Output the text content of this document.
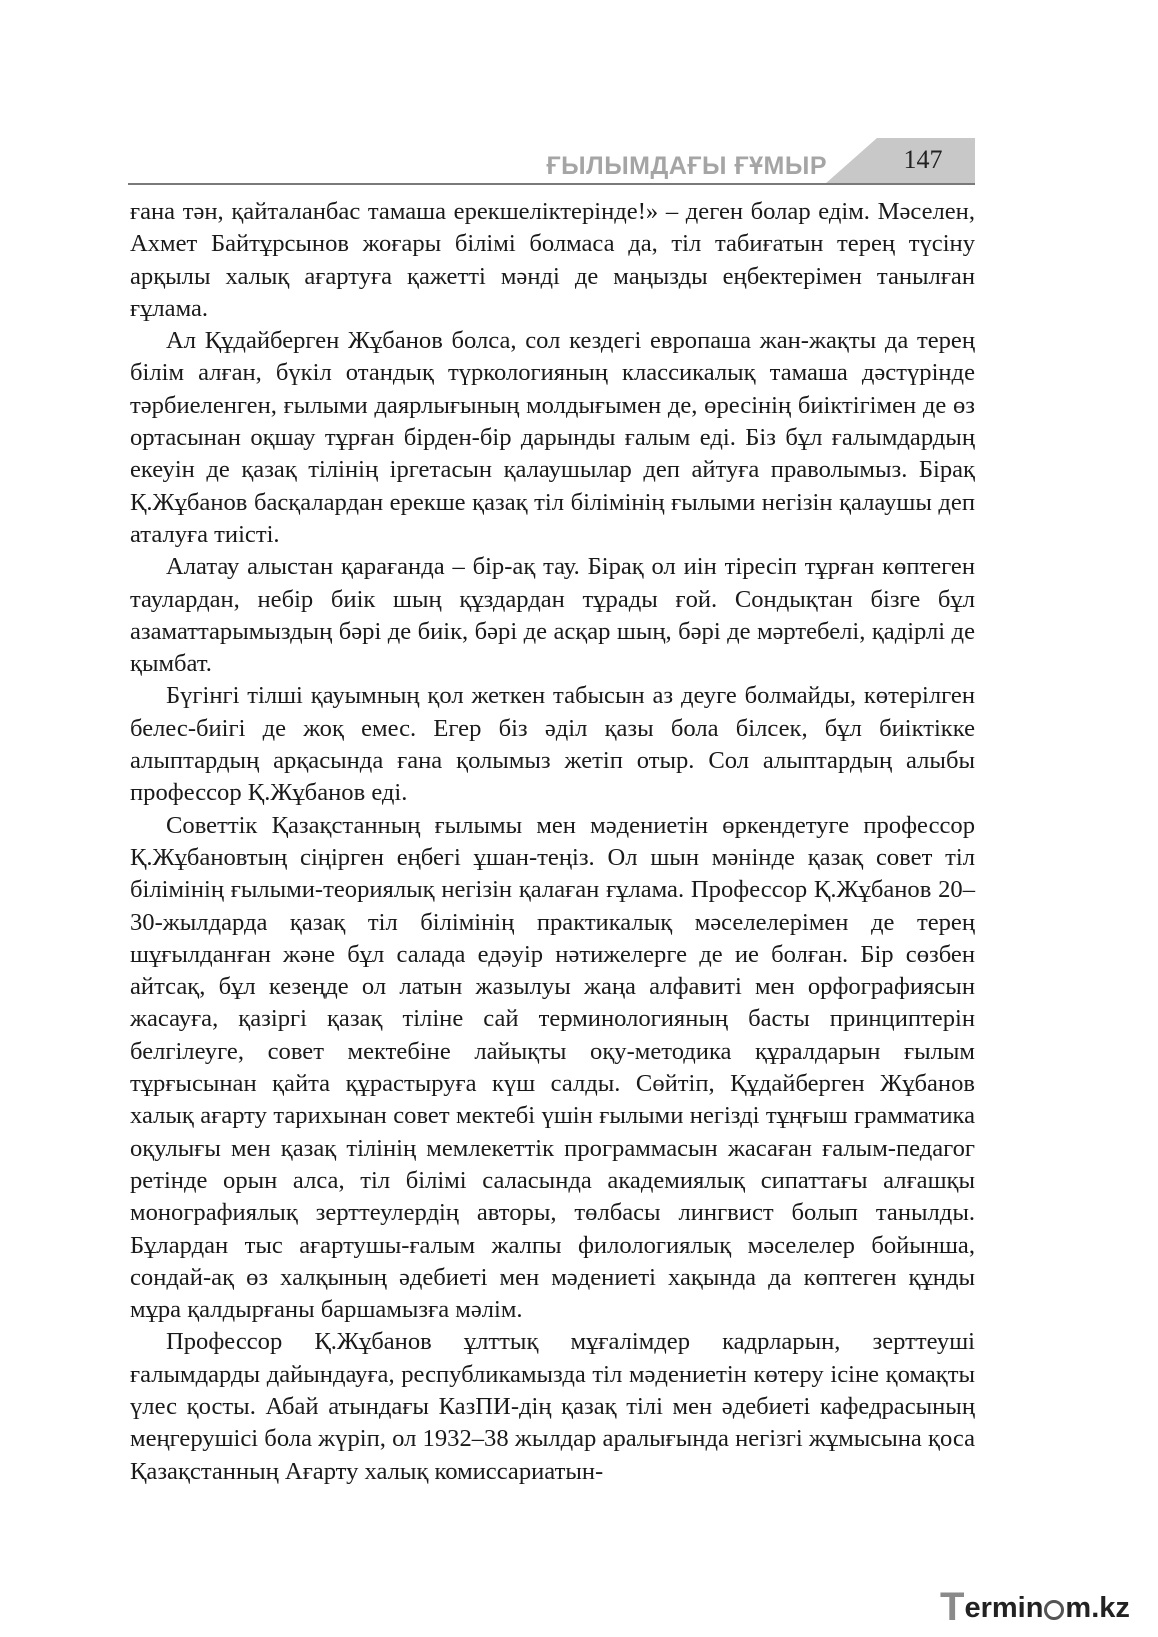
ҒЫЛЫМДАҒЫ ҒҰМЫР	147

ғана тән, қайталанбас тамаша ерекшеліктерінде!» – деген болар едім. Мәселен, Ахмет Байтұрсынов жоғары білімі болмаса да, тіл табиғатын терең түсіну арқылы халық ағартуға қажетті мәнді де маңызды еңбектерімен танылған ғұлама.

Ал Құдайберген Жұбанов болса, сол кездегі европаша жан-жақты да терең білім алған, бүкіл отандық түркологияның классикалық тамаша дәстүрінде тәрбиеленген, ғылыми даярлығының молдығымен де, өресінің биіктігімен де өз ортасынан оқшау тұрған бірден-бір дарынды ғалым еді. Біз бұл ғалымдардың екеуін де қазақ тілінің іргетасын қалаушылар деп айтуға праволымыз. Бірақ Қ.Жұбанов басқалардан ерекше қазақ тіл білімінің ғылыми негізін қалаушы деп аталуға тиісті.

Алатау алыстан қарағанда – бір-ақ тау. Бірақ ол иін тіресіп тұрған көптеген таулардан, небір биік шың құздардан тұрады ғой. Сондықтан бізге бұл азаматтарымыздың бәрі де биік, бәрі де асқар шың, бәрі де мәртебелі, қадірлі де қымбат.

Бүгінгі тілші қауымның қол жеткен табысын аз деуге болмайды, көтерілген белес-биігі де жоқ емес. Егер біз әділ қазы бола білсек, бұл биіктікке алыптардың арқасында ғана қолымыз жетіп отыр. Сол алыптардың алыбы профессор Қ.Жұбанов еді.

Советтік Қазақстанның ғылымы мен мәдениетін өркендетуге профессор Қ.Жұбановтың сіңірген еңбегі ұшан-теңіз. Ол шын мәнінде қазақ совет тіл білімінің ғылыми-теориялық негізін қалаған ғұлама. Профессор Қ.Жұбанов 20–30-жылдарда қазақ тіл білімінің практикалық мәселелерімен де терең шұғылданған және бұл салада едәуір нәтижелерге де ие болған. Бір сөзбен айтсақ, бұл кезеңде ол латын жазылуы жаңа алфавиті мен орфографиясын жасауға, қазіргі қазақ тіліне сай терминологияның басты принциптерін белгілеуге, совет мектебіне лайықты оқу-методика құралдарын ғылым тұрғысынан қайта құрастыруға күш салды. Сөйтіп, Құдайберген Жұбанов халық ағарту тарихынан совет мектебі үшін ғылыми негізді тұңғыш грамматика оқулығы мен қазақ тілінің мемлекеттік программасын жасаған ғалым-педагог ретінде орын алса, тіл білімі саласында академиялық сипаттағы алғашқы монографиялық зерттеулердің авторы, төлбасы лингвист болып танылды. Бұлардан тыс ағартушы-ғалым жалпы филологиялық мәселелер бойынша, сондай-ақ өз халқының әдебиеті мен мәдениеті хақында да көптеген құнды мұра қалдырғаны баршамызға мәлім.

Профессор Қ.Жұбанов ұлттық мұғалімдер кадрларын, зерттеуші ғалымдарды дайындауға, республикамызда тіл мәдениетін көтеру ісіне қомақты үлес қосты. Абай атындағы КазПИ-дің қазақ тілі мен әдебиеті кафедрасының меңгерушісі бола жүріп, ол 1932–38 жылдар аралығында негізгі жұмысына қоса Қазақстанның Ағарту халық комиссариатын-

Termin m.kz
